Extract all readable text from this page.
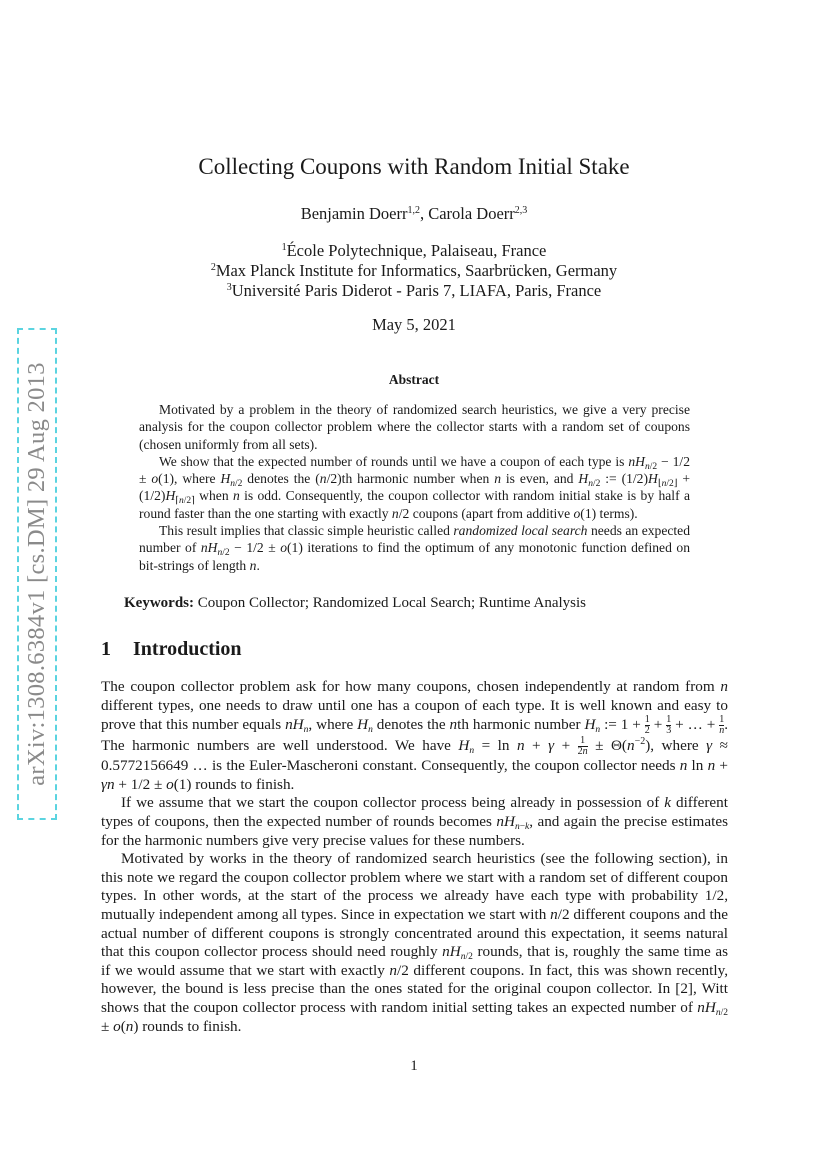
arXiv:1308.6384v1 [cs.DM] 29 Aug 2013
Collecting Coupons with Random Initial Stake
Benjamin Doerr$^{1,2}$, Carola Doerr$^{2,3}$
$^1$École Polytechnique, Palaiseau, France
$^2$Max Planck Institute for Informatics, Saarbrücken, Germany
$^3$Université Paris Diderot - Paris 7, LIAFA, Paris, France
May 5, 2021
Abstract

Motivated by a problem in the theory of randomized search heuristics, we give a very precise analysis for the coupon collector problem where the collector starts with a random set of coupons (chosen uniformly from all sets).

We show that the expected number of rounds until we have a coupon of each type is $nH_{n/2} - 1/2 \pm o(1)$, where $H_{n/2}$ denotes the (n/2)th harmonic number when n is even, and $H_{n/2}$ := $(1/2)H_{⌊n/2⌋} + (1/2)H_{⌈n/2⌉}$ when n is odd. Consequently, the coupon collector with random initial stake is by half a round faster than the one starting with exactly n/2 coupons (apart from additive o(1) terms).

This result implies that classic simple heuristic called randomized local search needs an expected number of $nH_{n/2} - 1/2 \pm o(1)$ iterations to find the optimum of any monotonic function defined on bit-strings of length n.

Keywords: Coupon Collector; Randomized Local Search; Runtime Analysis
1 Introduction

The coupon collector problem ask for how many coupons, chosen independently at random from n different types, one needs to draw until one has a coupon of each type. It is well known and easy to prove that this number equals $nH_n$, where $H_n$ denotes the nth harmonic number $H_n$ := $1 + \frac{1}{2} + \frac{1}{3}$ + … + $\frac{1}{n}$ . The harmonic numbers are well understood. We have $H_n = \ln n + \gamma + \frac{1}{2n} \pm \Theta(n^{-2})$, where γ ≈ 0.5772156649 … is the Euler-Mascheroni constant. Consequently, the coupon collector needs n ln n + γn + 1/2 ± o(1) rounds to finish.

If we assume that we start the coupon collector process being already in possession of k different types of coupons, then the expected number of rounds becomes $nH_{n-k}$, and again the precise estimates for the harmonic numbers give very precise values for these numbers.

Motivated by works in the theory of randomized search heuristics (see the following section), in this note we regard the coupon collector problem where we start with a random set of different coupon types. In other words, at the start of the process we already have each type with probability 1/2, mutually independent among all types. Since in expectation we start with n/2 different coupons and the actual number of different coupons is strongly concentrated around this expectation, it seems natural that this coupon collector process should need roughly $nH_{n/2}$ rounds, that is, roughly the same time as if we would assume that we start with exactly n/2 different coupons. In fact, this was shown recently, however, the bound is less precise than the ones stated for the original coupon collector. In [2], Witt shows that the coupon collector process with random initial setting takes an expected number of $nH_{n/2} \pm o(n)$ rounds to finish.

1
